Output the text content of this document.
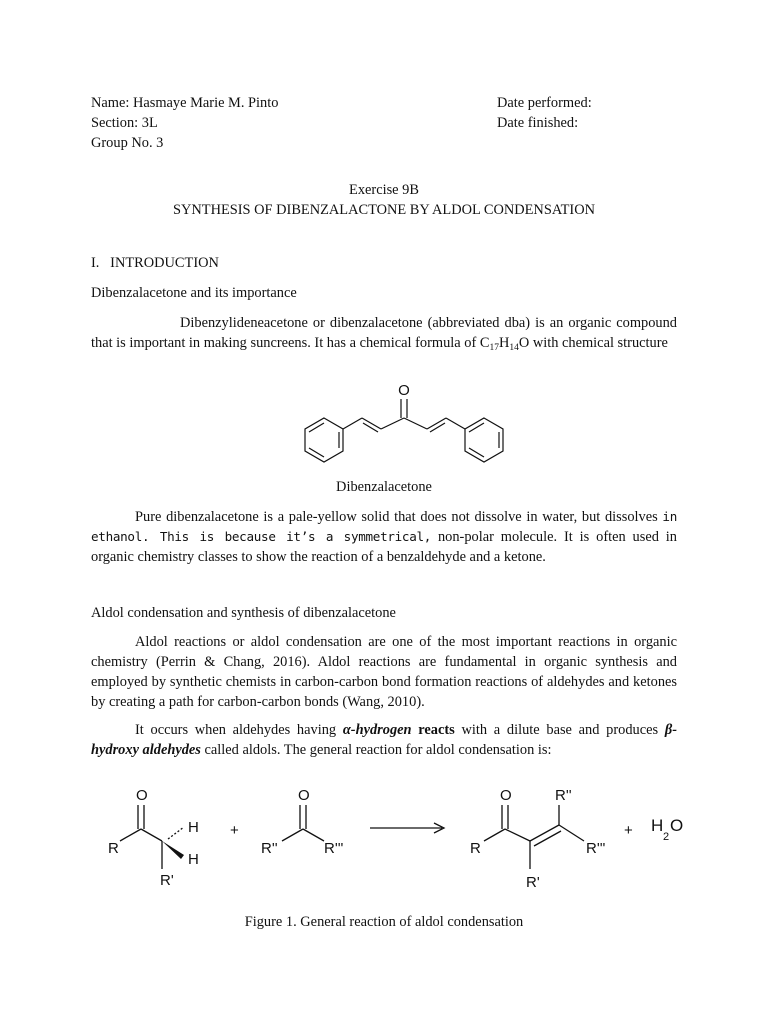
Name: Hasmaye Marie M. Pinto
Section: 3L
Group No. 3
Date performed:
Date finished:
Exercise 9B
SYNTHESIS OF DIBENZALACTONE BY ALDOL CONDENSATION
I.   INTRODUCTION
Dibenzalacetone and its importance
Dibenzylideneacetone or dibenzalacetone (abbreviated dba) is an organic compound that is important in making suncreens. It has a chemical formula of $C_{17}H_{14}O$ with chemical structure
O
Dibenzalacetone
Pure dibenzalacetone is a pale-yellow solid that does not dissolve in water, but dissolves in ethanol. This is because it’s a symmetrical, non-polar molecule. It is often used in organic chemistry classes to show the reaction of a benzaldehyde and a ketone.
Aldol condensation and synthesis of dibenzalacetone
Aldol reactions or aldol condensation are one of the most important reactions in organic chemistry (Perrin & Chang, 2016). Aldol reactions are fundamental in organic synthesis and employed by synthetic chemists in carbon-carbon bond formation reactions of aldehydes and ketones by creating a path for carbon-carbon bonds (Wang, 2010).
It occurs when aldehydes having α-hydrogen reacts with a dilute base and produces β-hydroxy aldehydes called aldols. The general reaction for aldol condensation is:
O
R
H
H
R'
+
O
R''	R'''
O
R
R''
R'''
R'
+ H
2
O
Figure 1. General reaction of aldol condensation
